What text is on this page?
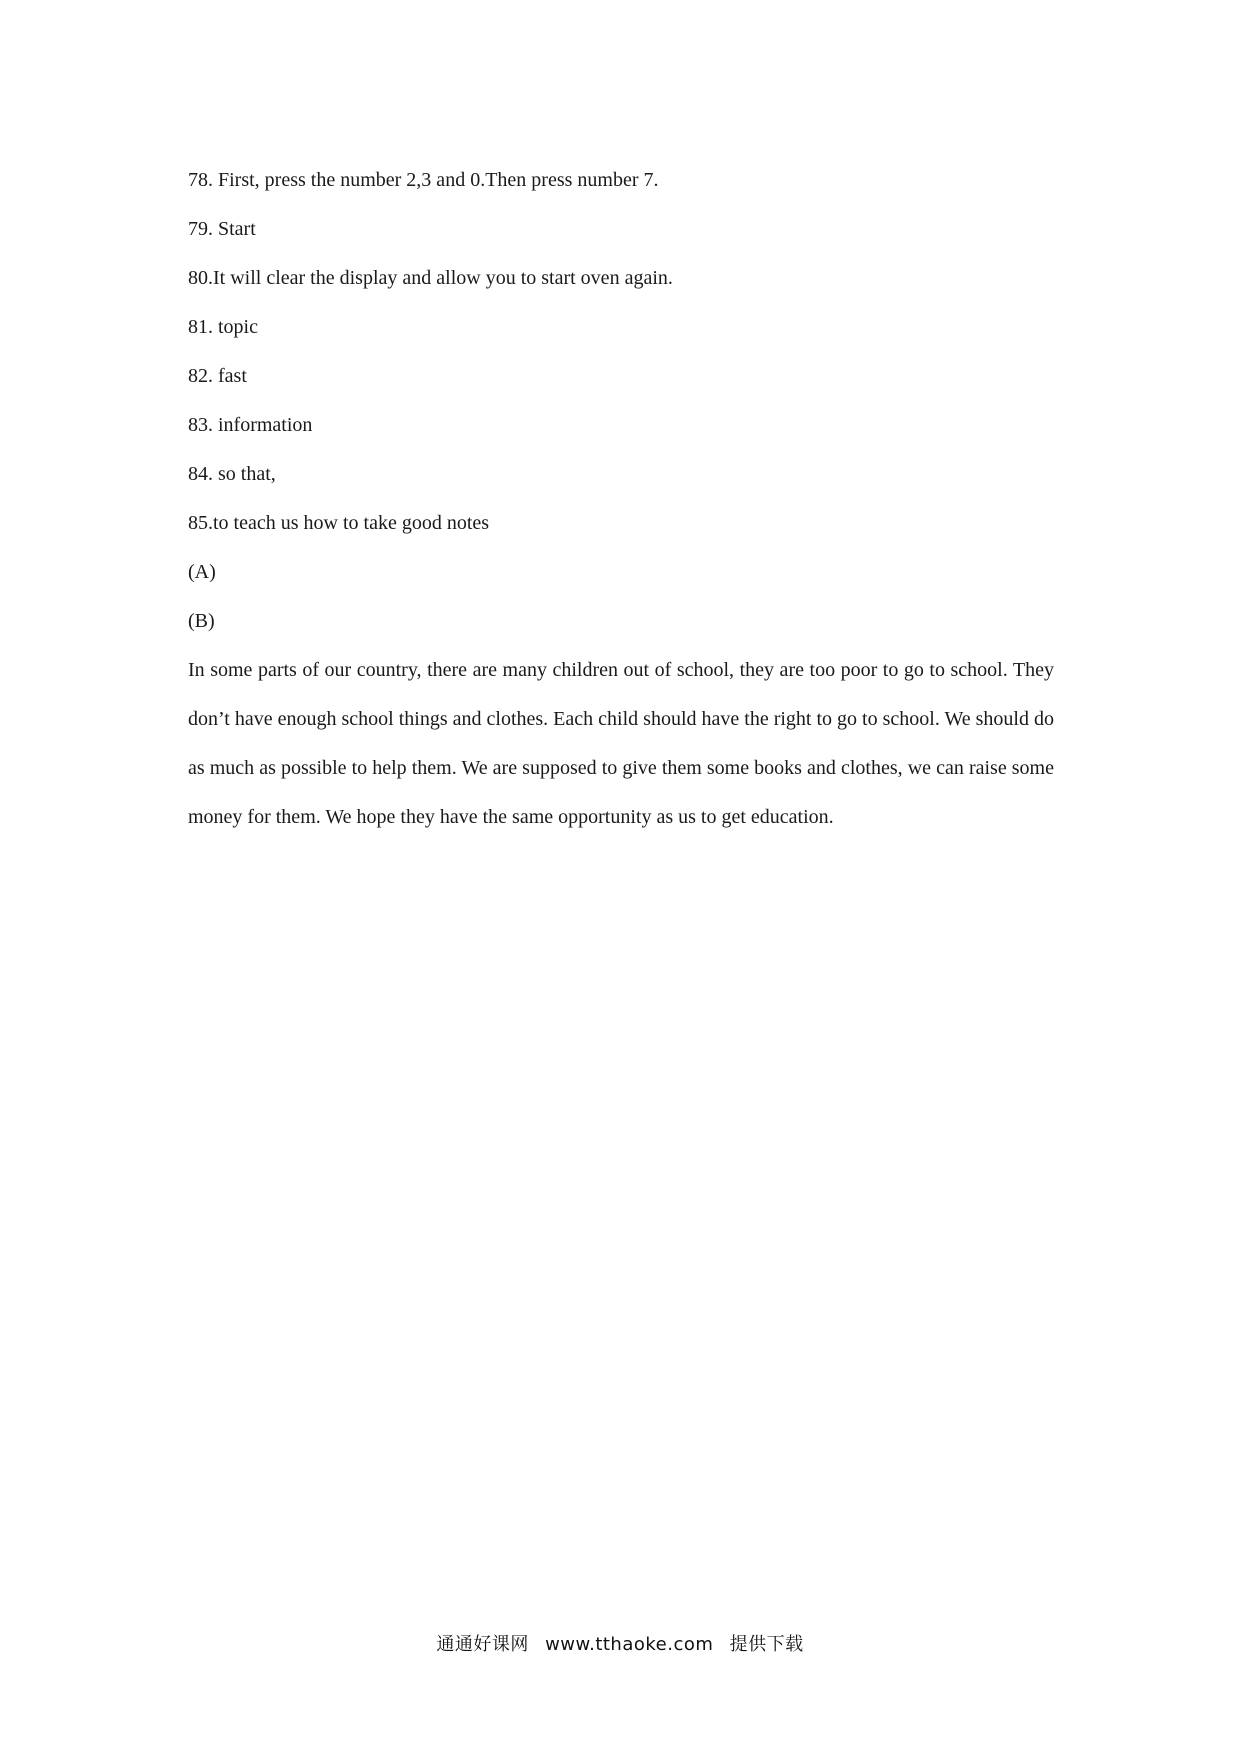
78. First, press the number 2,3 and 0.Then press number 7.
79. Start
80.It will clear the display and allow you to start oven again.
81. topic
82. fast
83. information
84. so that,
85.to teach us how to take good notes
(A)
(B)

In some parts of our country, there are many children out of school, they are too poor to go to school. They don’t have enough school things and clothes. Each child should have the right to go to school. We should do as much as possible to help them. We are supposed to give them some books and clothes, we can raise some money for them. We hope they have the same opportunity as us to get education.

通通好课网 www.tthaoke.com 提供下载
